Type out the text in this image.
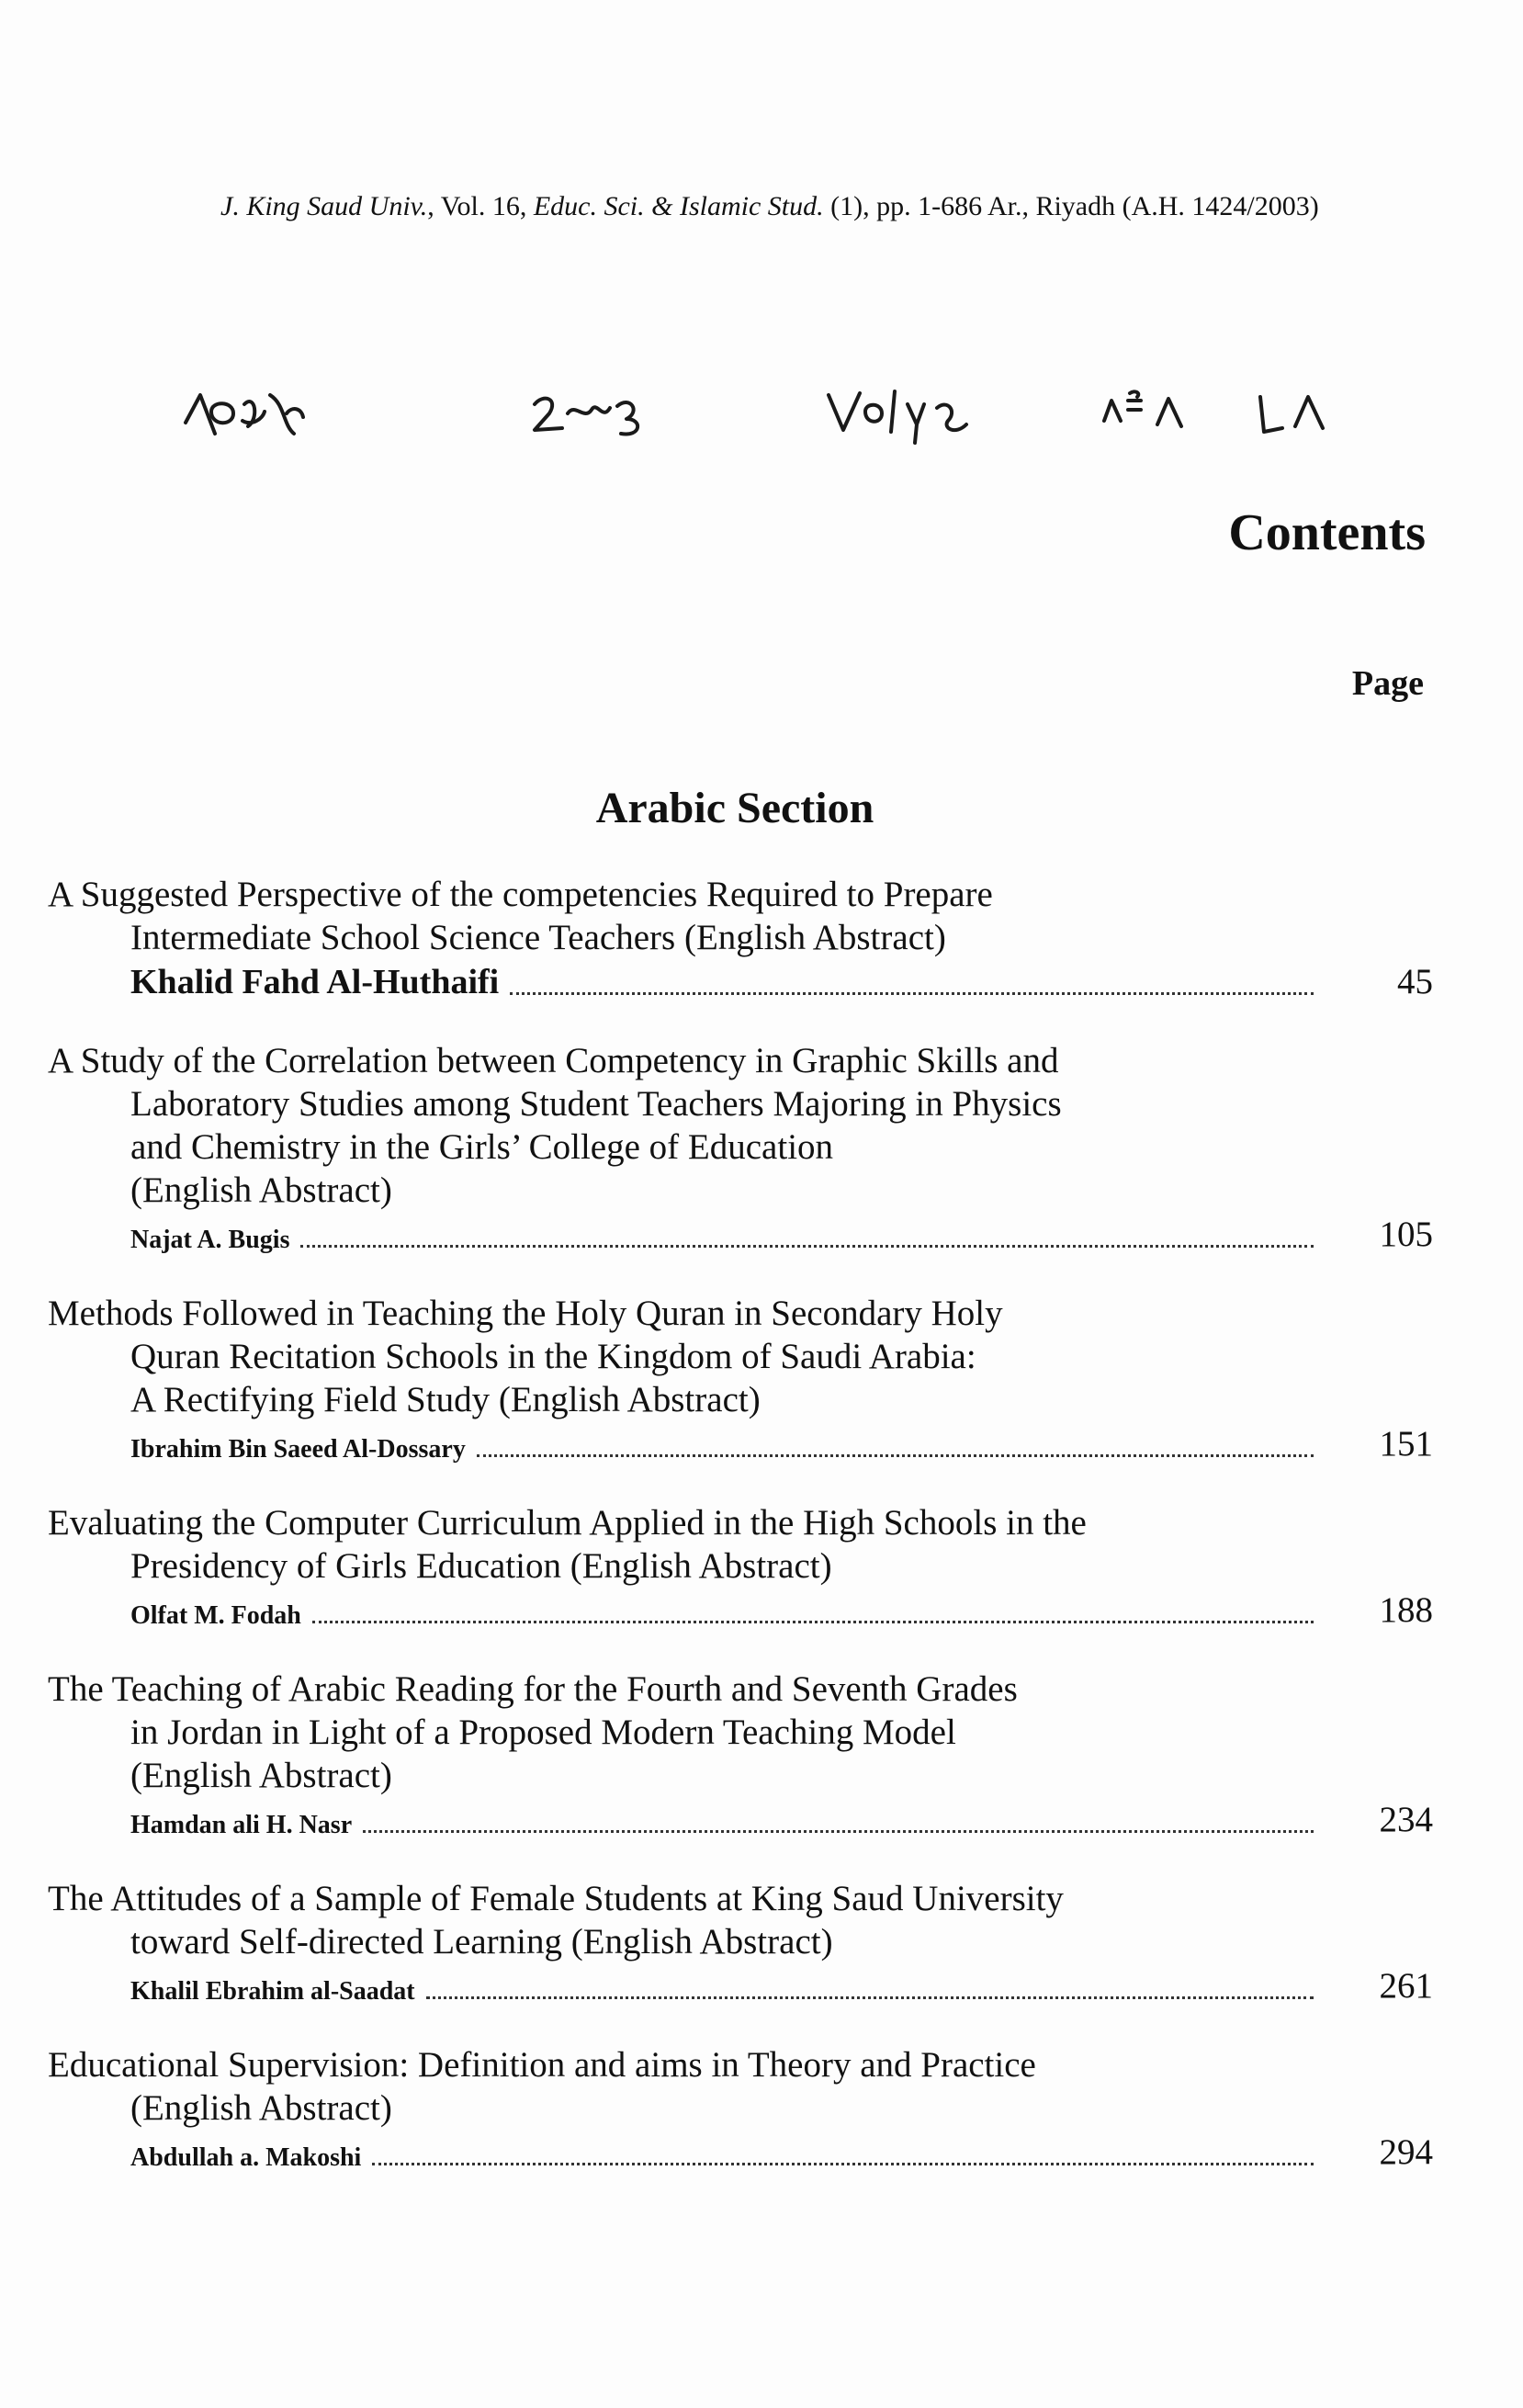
J. King Saud Univ., Vol. 16, Educ. Sci. & Islamic Stud. (1), pp. 1-686 Ar., Riyadh (A.H. 1424/2003)
Contents
Page
Arabic Section
A Suggested Perspective of the competencies Required to Prepare
Intermediate School Science Teachers (English Abstract)
Khalid Fahd Al-Huthaifi	45
A Study of the Correlation between Competency in Graphic Skills and
Laboratory Studies among Student Teachers Majoring in Physics
and Chemistry in the Girls’ College of Education
(English Abstract)
Najat A. Bugis	105
Methods Followed in Teaching the Holy Quran in Secondary Holy
Quran Recitation Schools in the Kingdom of Saudi Arabia:
A Rectifying Field Study (English Abstract)
Ibrahim Bin Saeed Al-Dossary	151
Evaluating the Computer Curriculum Applied in the High Schools in the
Presidency of Girls Education (English Abstract)
Olfat M. Fodah	188
The Teaching of Arabic Reading for the Fourth and Seventh Grades
in Jordan in Light of a Proposed Modern Teaching Model
(English Abstract)
Hamdan ali H. Nasr	234
The Attitudes of a Sample of Female Students at King Saud University
toward Self-directed Learning (English Abstract)
Khalil Ebrahim al-Saadat	261
Educational Supervision: Definition and aims in Theory and Practice
(English Abstract)
Abdullah a. Makoshi	294
